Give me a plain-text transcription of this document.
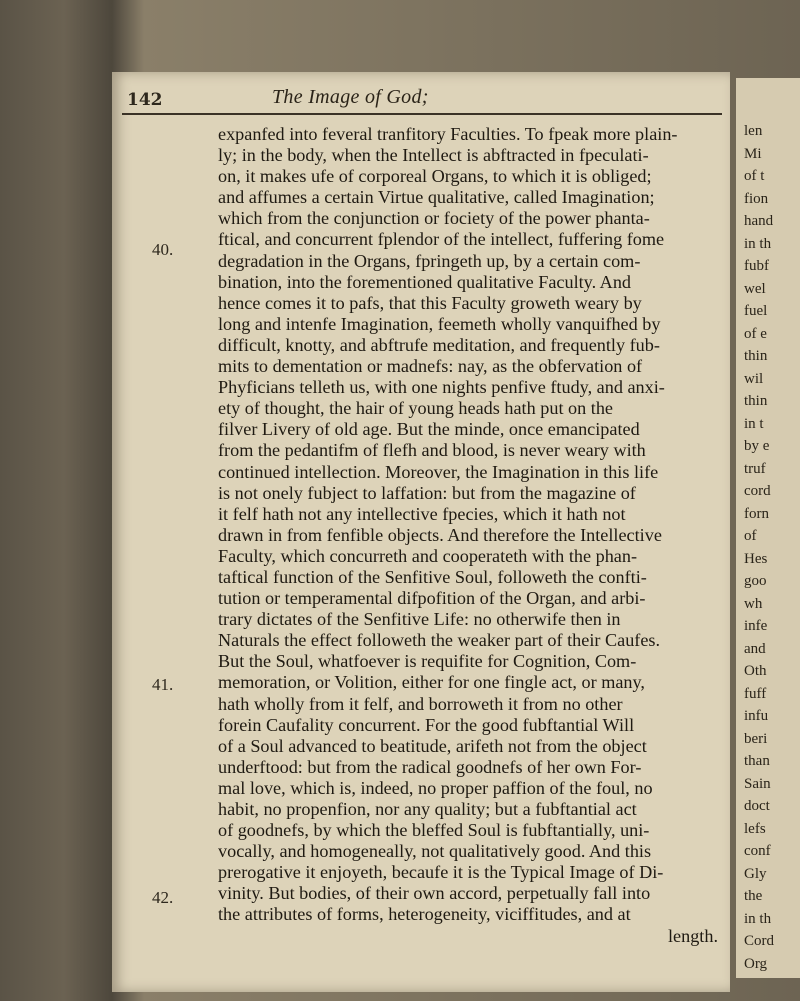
142	The Image of God;
40.
41.
42.
expanfed into feveral tranfitory Faculties. To fpeak more plain-
ly; in the body, when the Intellect is abftracted in fpeculati-
on, it makes ufe of corporeal Organs, to which it is obliged;
and affumes a certain Virtue qualitative, called Imagination;
which from the conjunction or fociety of the power phanta-
ftical, and concurrent fplendor of the intellect, fuffering fome
degradation in the Organs, fpringeth up, by a certain com-
bination, into the forementioned qualitative Faculty. And
hence comes it to pafs, that this Faculty groweth weary by
long and intenfe Imagination, feemeth wholly vanquifhed by
difficult, knotty, and abftrufe meditation, and frequently fub-
mits to dementation or madnefs: nay, as the obfervation of
Phyficians telleth us, with one nights penfive ftudy, and anxi-
ety of thought, the hair of young heads hath put on the
filver Livery of old age. But the minde, once emancipated
from the pedantifm of flefh and blood, is never weary with
continued intellection. Moreover, the Imagination in this life
is not onely fubject to laffation: but from the magazine of
it felf hath not any intellective fpecies, which it hath not
drawn in from fenfible objects. And therefore the Intellective
Faculty, which concurreth and cooperateth with the phan-
taftical function of the Senfitive Soul, followeth the confti-
tution or temperamental difpofition of the Organ, and arbi-
trary dictates of the Senfitive Life: no otherwife then in
Naturals the effect followeth the weaker part of their Caufes.
But the Soul, whatfoever is requifite for Cognition, Com-
memoration, or Volition, either for one fingle act, or many,
hath wholly from it felf, and borroweth it from no other
forein Caufality concurrent. For the good fubftantial Will
of a Soul advanced to beatitude, arifeth not from the object
underftood: but from the radical goodnefs of her own For-
mal love, which is, indeed, no proper paffion of the foul, no
habit, no propenfion, nor any quality; but a fubftantial act
of goodnefs, by which the bleffed Soul is fubftantially, uni-
vocally, and homogeneally, not qualitatively good. And this
prerogative it enjoyeth, becaufe it is the Typical Image of Di-
vinity. But bodies, of their own accord, perpetually fall into
the attributes of forms, heterogeneity, viciffitudes, and at
length.
len
Mi
of t
fion
hand
in th
fubf
wel
fuel
of e
thin
wil
thin
in t
by e
truf
cord
forn
of
Hes
goo
wh
infe
and
Oth
fuff
infu
beri
than
Sain
doct
lefs
conf
Gly
the
in th
Cord
Org
